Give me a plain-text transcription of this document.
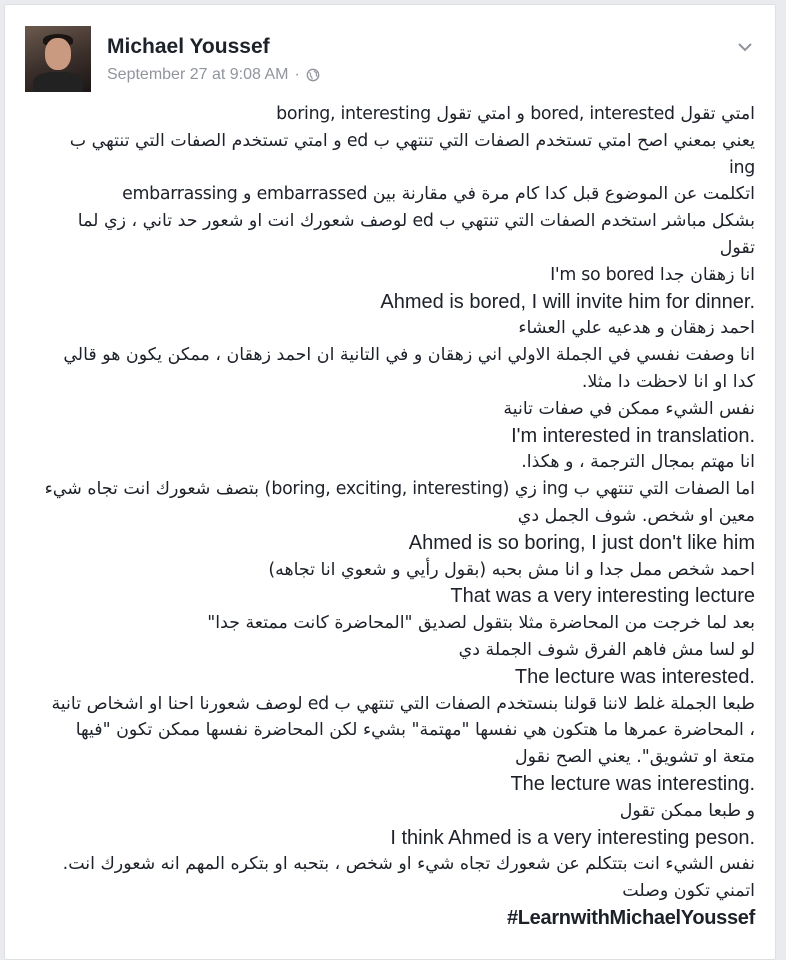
Michael Youssef
September 27 at 9:08 AM ·

امتي تقول bored, interested و امتي تقول boring, interesting

يعني بمعني اصح امتي تستخدم الصفات التي تنتهي ب ed و امتي تستخدم الصفات التي تنتهي ب ing

اتكلمت عن الموضوع قبل كدا كام مرة في مقارنة بين embarrassed و embarrassing

بشكل مباشر استخدم الصفات التي تنتهي ب ed لوصف شعورك انت او شعور حد تاني ، زي لما تقول

انا زهقان جدا I'm so bored

Ahmed is bored, I will invite him for dinner.

احمد زهقان و هدعيه علي العشاء

انا وصفت نفسي في الجملة الاولي اني زهقان و في التانية ان احمد زهقان ، ممكن يكون هو قالي كدا او انا لاحظت دا مثلا.

نفس الشيء ممكن في صفات تانية

I'm interested in translation.

انا مهتم بمجال الترجمة ، و هكذا.

اما الصفات التي تنتهي ب ing زي (boring, exciting, interesting) بتصف شعورك انت تجاه شيء معين او شخص. شوف الجمل دي

Ahmed is so boring, I just don't like him

احمد شخص ممل جدا و انا مش بحبه (بقول رأيي و شعوي انا تجاهه)

That was a very interesting lecture

بعد لما خرجت من المحاضرة مثلا بتقول لصديق "المحاضرة كانت ممتعة جدا"

لو لسا مش فاهم الفرق شوف الجملة دي

The lecture was interested.

طبعا الجملة غلط لاننا قولنا بنستخدم الصفات التي تنتهي ب ed لوصف شعورنا احنا او اشخاص تانية ، المحاضرة عمرها ما هتكون هي نفسها "مهتمة" بشيء لكن المحاضرة نفسها ممكن تكون "فيها متعة او تشويق". يعني الصح نقول

The lecture was interesting.

و طبعا ممكن تقول

I think Ahmed is a very interesting peson.

نفس الشيء انت بتتكلم عن شعورك تجاه شيء او شخص ، بتحبه او بتكره المهم انه شعورك انت.

اتمني تكون وصلت

#LearnwithMichaelYoussef
